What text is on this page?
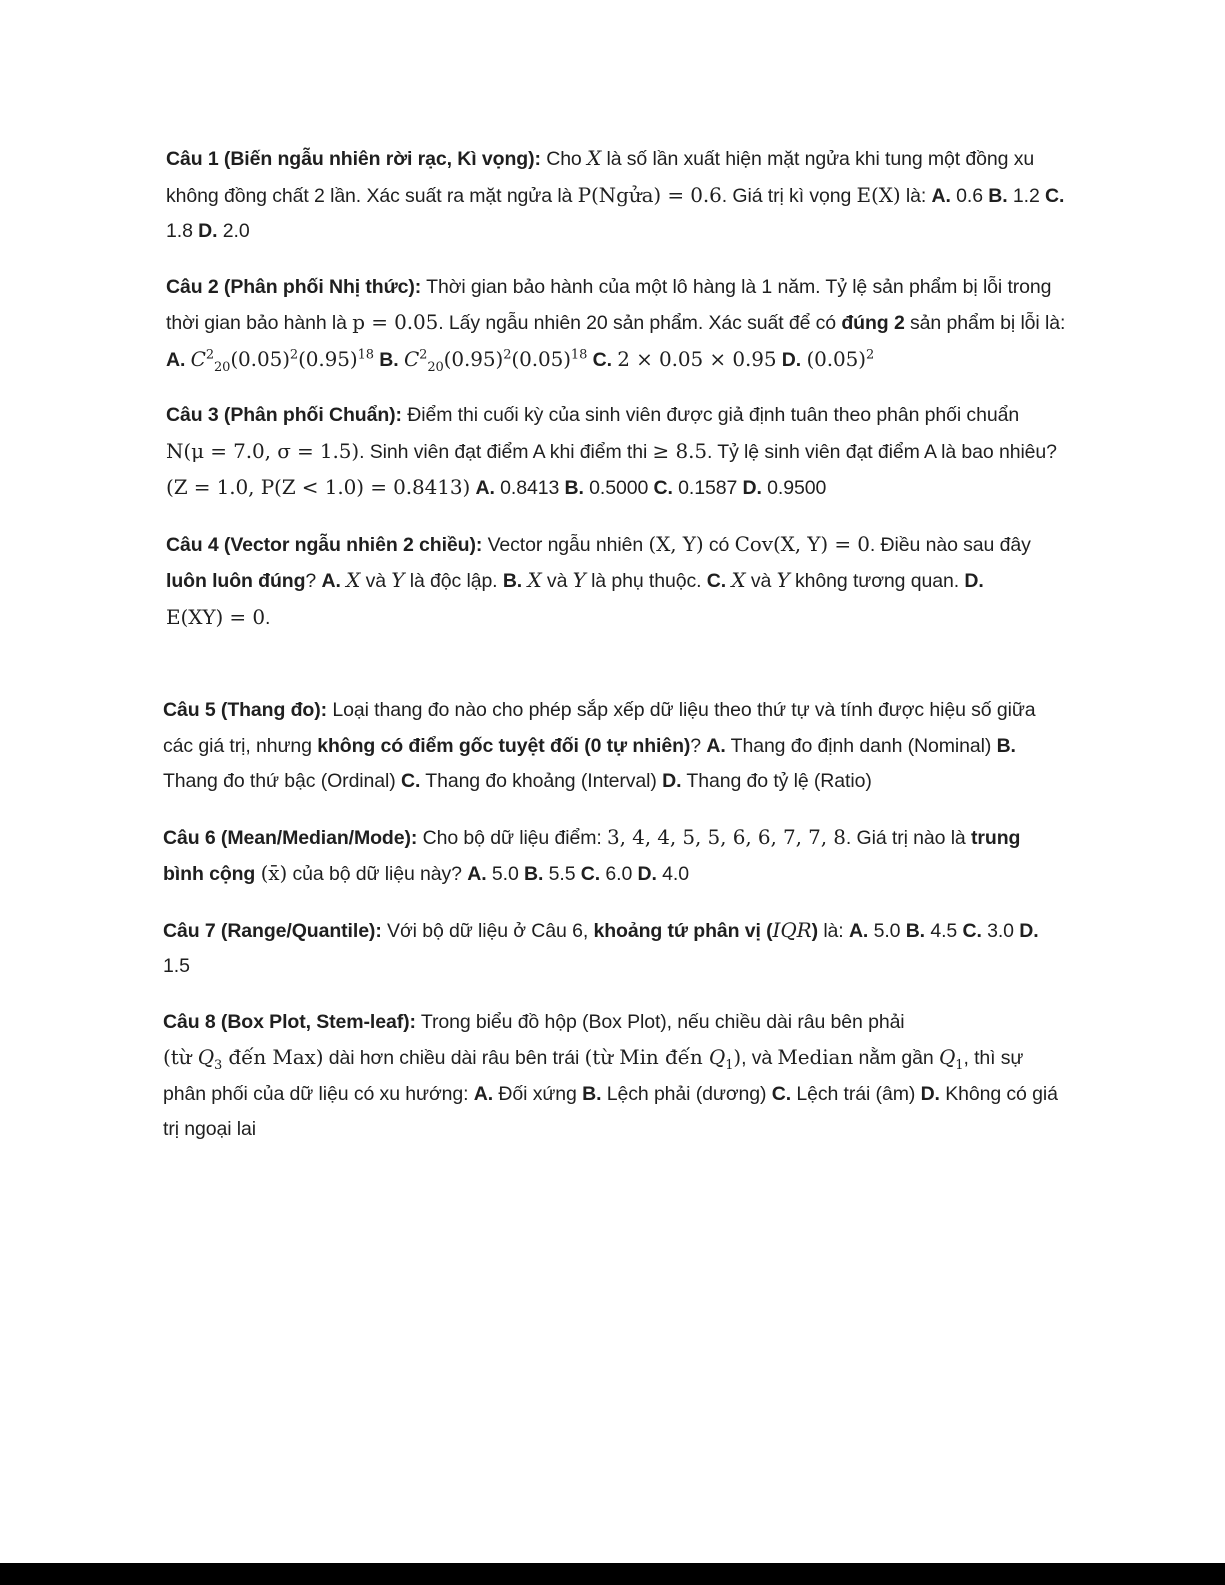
Câu 1 (Biến ngẫu nhiên rời rạc, Kì vọng): Cho X là số lần xuất hiện mặt ngửa khi tung một đồng xu không đồng chất 2 lần. Xác suất ra mặt ngửa là P(Ngửa) = 0.6. Giá trị kì vọng E(X) là: A. 0.6 B. 1.2 C. 1.8 D. 2.0

Câu 2 (Phân phối Nhị thức): Thời gian bảo hành của một lô hàng là 1 năm. Tỷ lệ sản phẩm bị lỗi trong thời gian bảo hành là p = 0.05. Lấy ngẫu nhiên 20 sản phẩm. Xác suất để có đúng 2 sản phẩm bị lỗi là: A. $C^2_{20}(0.05)^2(0.95)^{18}$ B. $C^2_{20}(0.95)^2(0.05)^{18}$ C. 2 × 0.05 × 0.95 D. $(0.05)^2$

Câu 3 (Phân phối Chuẩn): Điểm thi cuối kỳ của sinh viên được giả định tuân theo phân phối chuẩn N(μ = 7.0, σ = 1.5). Sinh viên đạt điểm A khi điểm thi ≥ 8.5. Tỷ lệ sinh viên đạt điểm A là bao nhiêu? (Z = 1.0, P(Z < 1.0) = 0.8413) A. 0.8413 B. 0.5000 C. 0.1587 D. 0.9500

Câu 4 (Vector ngẫu nhiên 2 chiều): Vector ngẫu nhiên (X, Y) có Cov(X, Y) = 0. Điều nào sau đây luôn luôn đúng? A. X và Y là độc lập. B. X và Y là phụ thuộc. C. X và Y không tương quan. D. E(XY) = 0.

Câu 5 (Thang đo): Loại thang đo nào cho phép sắp xếp dữ liệu theo thứ tự và tính được hiệu số giữa các giá trị, nhưng không có điểm gốc tuyệt đối (0 tự nhiên)? A. Thang đo định danh (Nominal) B. Thang đo thứ bậc (Ordinal) C. Thang đo khoảng (Interval) D. Thang đo tỷ lệ (Ratio)

Câu 6 (Mean/Median/Mode): Cho bộ dữ liệu điểm: 3, 4, 4, 5, 5, 6, 6, 7, 7, 8. Giá trị nào là trung bình cộng (x̄) của bộ dữ liệu này? A. 5.0 B. 5.5 C. 6.0 D. 4.0

Câu 7 (Range/Quantile): Với bộ dữ liệu ở Câu 6, khoảng tứ phân vị (IQR) là: A. 5.0 B. 4.5 C. 3.0 D. 1.5

Câu 8 (Box Plot, Stem-leaf): Trong biểu đồ hộp (Box Plot), nếu chiều dài râu bên phải (từ $Q_3$ đến Max) dài hơn chiều dài râu bên trái (từ Min đến $Q_1$), và Median nằm gần $Q_1$, thì sự phân phối của dữ liệu có xu hướng: A. Đối xứng B. Lệch phải (dương) C. Lệch trái (âm) D. Không có giá trị ngoại lai
